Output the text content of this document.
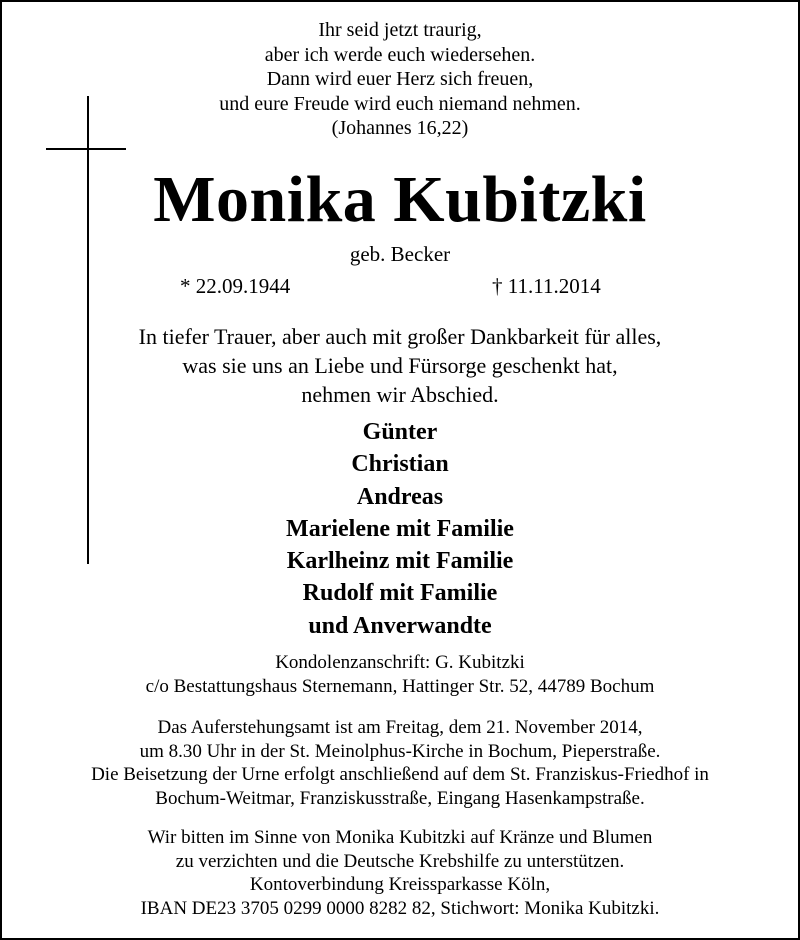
Ihr seid jetzt traurig,
aber ich werde euch wiedersehen.
Dann wird euer Herz sich freuen,
und eure Freude wird euch niemand nehmen.
(Johannes 16,22)
Monika Kubitzki
geb. Becker
* 22.09.1944	† 11.11.2014
In tiefer Trauer, aber auch mit großer Dankbarkeit für alles,
was sie uns an Liebe und Fürsorge geschenkt hat,
nehmen wir Abschied.
Günter
Christian
Andreas
Marielene mit Familie
Karlheinz mit Familie
Rudolf mit Familie
und Anverwandte
Kondolenzanschrift: G. Kubitzki
c/o Bestattungshaus Sternemann, Hattinger Str. 52, 44789 Bochum
Das Auferstehungsamt ist am Freitag, dem 21. November 2014,
um 8.30 Uhr in der St. Meinolphus-Kirche in Bochum, Pieperstraße.
Die Beisetzung der Urne erfolgt anschließend auf dem St. Franziskus-Friedhof in
Bochum-Weitmar, Franziskusstraße, Eingang Hasenkampstraße.
Wir bitten im Sinne von Monika Kubitzki auf Kränze und Blumen
zu verzichten und die Deutsche Krebshilfe zu unterstützen.
Kontoverbindung Kreissparkasse Köln,
IBAN DE23 3705 0299 0000 8282 82, Stichwort: Monika Kubitzki.
